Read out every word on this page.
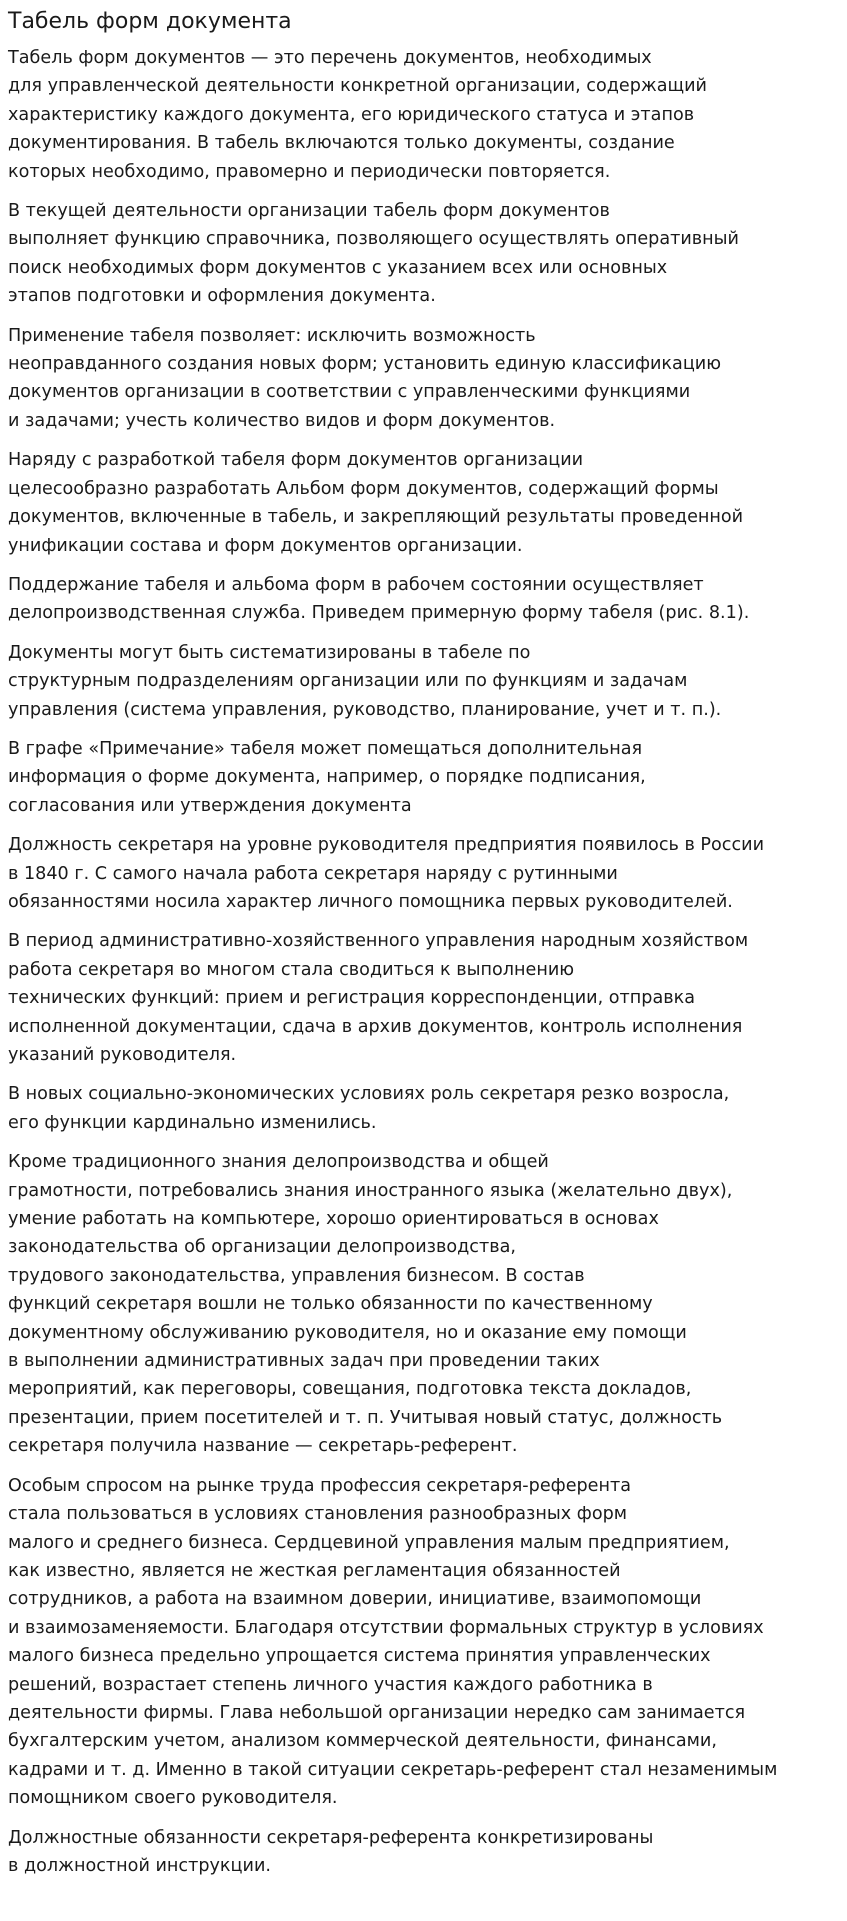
Табель форм документа

Табель форм документов — это перечень документов, необходимых
для управленческой деятельности конкретной организации, содержащий
характеристику каждого документа, его юридического статуса и этапов
документирования. В табель включаются только документы, создание
которых необходимо, правомерно и периодически повторяется.

В текущей деятельности организации табель форм документов
выполняет функцию справочника, позволяющего осуществлять оперативный
поиск необходимых форм документов с указанием всех или основных
этапов подготовки и оформления документа.

Применение табеля позволяет: исключить возможность
неоправданного создания новых форм; установить единую классификацию
документов организации в соответствии с управленческими функциями
и задачами; учесть количество видов и форм документов.

Наряду с разработкой табеля форм документов организации
целесообразно разработать Альбом форм документов, содержащий формы
документов, включенные в табель, и закрепляющий результаты проведенной
унификации состава и форм документов организации.

Поддержание табеля и альбома форм в рабочем состоянии осуществляет
делопроизводственная служба. Приведем примерную форму табеля (рис. 8.1).

Документы могут быть систематизированы в табеле по
структурным подразделениям организации или по функциям и задачам
управления (система управления, руководство, планирование, учет и т. п.).

В графе «Примечание» табеля может помещаться дополнительная
информация о форме документа, например, о порядке подписания,
согласования или утверждения документа

Должность секретаря на уровне руководителя предприятия появилось в России
в 1840 г. С самого начала работа секретаря наряду с рутинными
обязанностями носила характер личного помощника первых руководителей.

В период административно-хозяйственного управления народным хозяйством
работа секретаря во многом стала сводиться к выполнению
технических функций: прием и регистрация корреспонденции, отправка
исполненной документации, сдача в архив документов, контроль исполнения
указаний руководителя.

В новых социально-экономических условиях роль секретаря резко возросла,
его функции кардинально изменились.

Кроме традиционного знания делопроизводства и общей
грамотности, потребовались знания иностранного языка (желательно двух),
умение работать на компьютере, хорошо ориентироваться в основах
законодательства об организации делопроизводства,
трудового законодательства, управления бизнесом. В состав
функций секретаря вошли не только обязанности по качественному
документному обслуживанию руководителя, но и оказание ему помощи
в выполнении административных задач при проведении таких
мероприятий, как переговоры, совещания, подготовка текста докладов,
презентации, прием посетителей и т. п. Учитывая новый статус, должность
секретаря получила название — секретарь-референт.

Особым спросом на рынке труда профессия секретаря-референта
стала пользоваться в условиях становления разнообразных форм
малого и среднего бизнеса. Сердцевиной управления малым предприятием,
как известно, является не жесткая регламентация обязанностей
сотрудников, а работа на взаимном доверии, инициативе, взаимопомощи
и взаимозаменяемости. Благодаря отсутствии формальных структур в условиях
малого бизнеса предельно упрощается система принятия управленческих
решений, возрастает степень личного участия каждого работника в
деятельности фирмы. Глава небольшой организации нередко сам занимается
бухгалтерским учетом, анализом коммерческой деятельности, финансами,
кадрами и т. д. Именно в такой ситуации секретарь-референт стал незаменимым
помощником своего руководителя.

Должностные обязанности секретаря-референта конкретизированы
в должностной инструкции.
